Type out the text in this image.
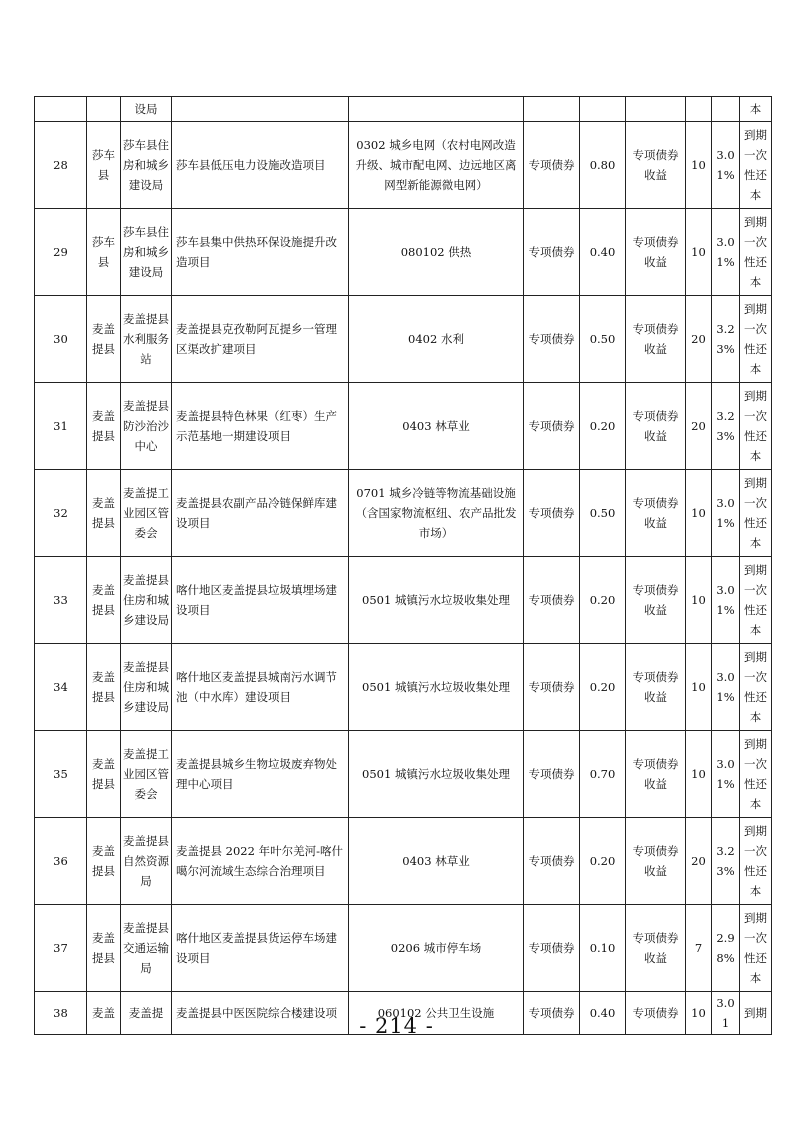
		设局								本
28	莎车县	莎车县住房和城乡建设局	莎车县低压电力设施改造项目	0302 城乡电网（农村电网改造升级、城市配电网、边远地区离网型新能源微电网）	专项债券	0.80	专项债券收益	10	3.01%	到期一次性还本
29	莎车县	莎车县住房和城乡建设局	莎车县集中供热环保设施提升改造项目	080102 供热	专项债券	0.40	专项债券收益	10	3.01%	到期一次性还本
30	麦盖提县	麦盖提县水利服务站	麦盖提县克孜勒阿瓦提乡一管理区渠改扩建项目	0402 水利	专项债券	0.50	专项债券收益	20	3.23%	到期一次性还本
31	麦盖提县	麦盖提县防沙治沙中心	麦盖提县特色林果（红枣）生产示范基地一期建设项目	0403 林草业	专项债券	0.20	专项债券收益	20	3.23%	到期一次性还本
32	麦盖提县	麦盖提工业园区管委会	麦盖提县农副产品冷链保鲜库建设项目	0701 城乡冷链等物流基础设施（含国家物流枢纽、农产品批发市场）	专项债券	0.50	专项债券收益	10	3.01%	到期一次性还本
33	麦盖提县	麦盖提县住房和城乡建设局	喀什地区麦盖提县垃圾填埋场建设项目	0501 城镇污水垃圾收集处理	专项债券	0.20	专项债券收益	10	3.01%	到期一次性还本
34	麦盖提县	麦盖提县住房和城乡建设局	喀什地区麦盖提县城南污水调节池（中水库）建设项目	0501 城镇污水垃圾收集处理	专项债券	0.20	专项债券收益	10	3.01%	到期一次性还本
35	麦盖提县	麦盖提工业园区管委会	麦盖提县城乡生物垃圾废弃物处理中心项目	0501 城镇污水垃圾收集处理	专项债券	0.70	专项债券收益	10	3.01%	到期一次性还本
36	麦盖提县	麦盖提县自然资源局	麦盖提县 2022 年叶尔羌河-喀什噶尔河流域生态综合治理项目	0403 林草业	专项债券	0.20	专项债券收益	20	3.23%	到期一次性还本
37	麦盖提县	麦盖提县交通运输局	喀什地区麦盖提县货运停车场建设项目	0206 城市停车场	专项债券	0.10	专项债券收益	7	2.98%	到期一次性还本
38	麦盖	麦盖提	麦盖提县中医医院综合楼建设项	060102 公共卫生设施	专项债券	0.40	专项债券	10	3.01	到期
- 214 -
